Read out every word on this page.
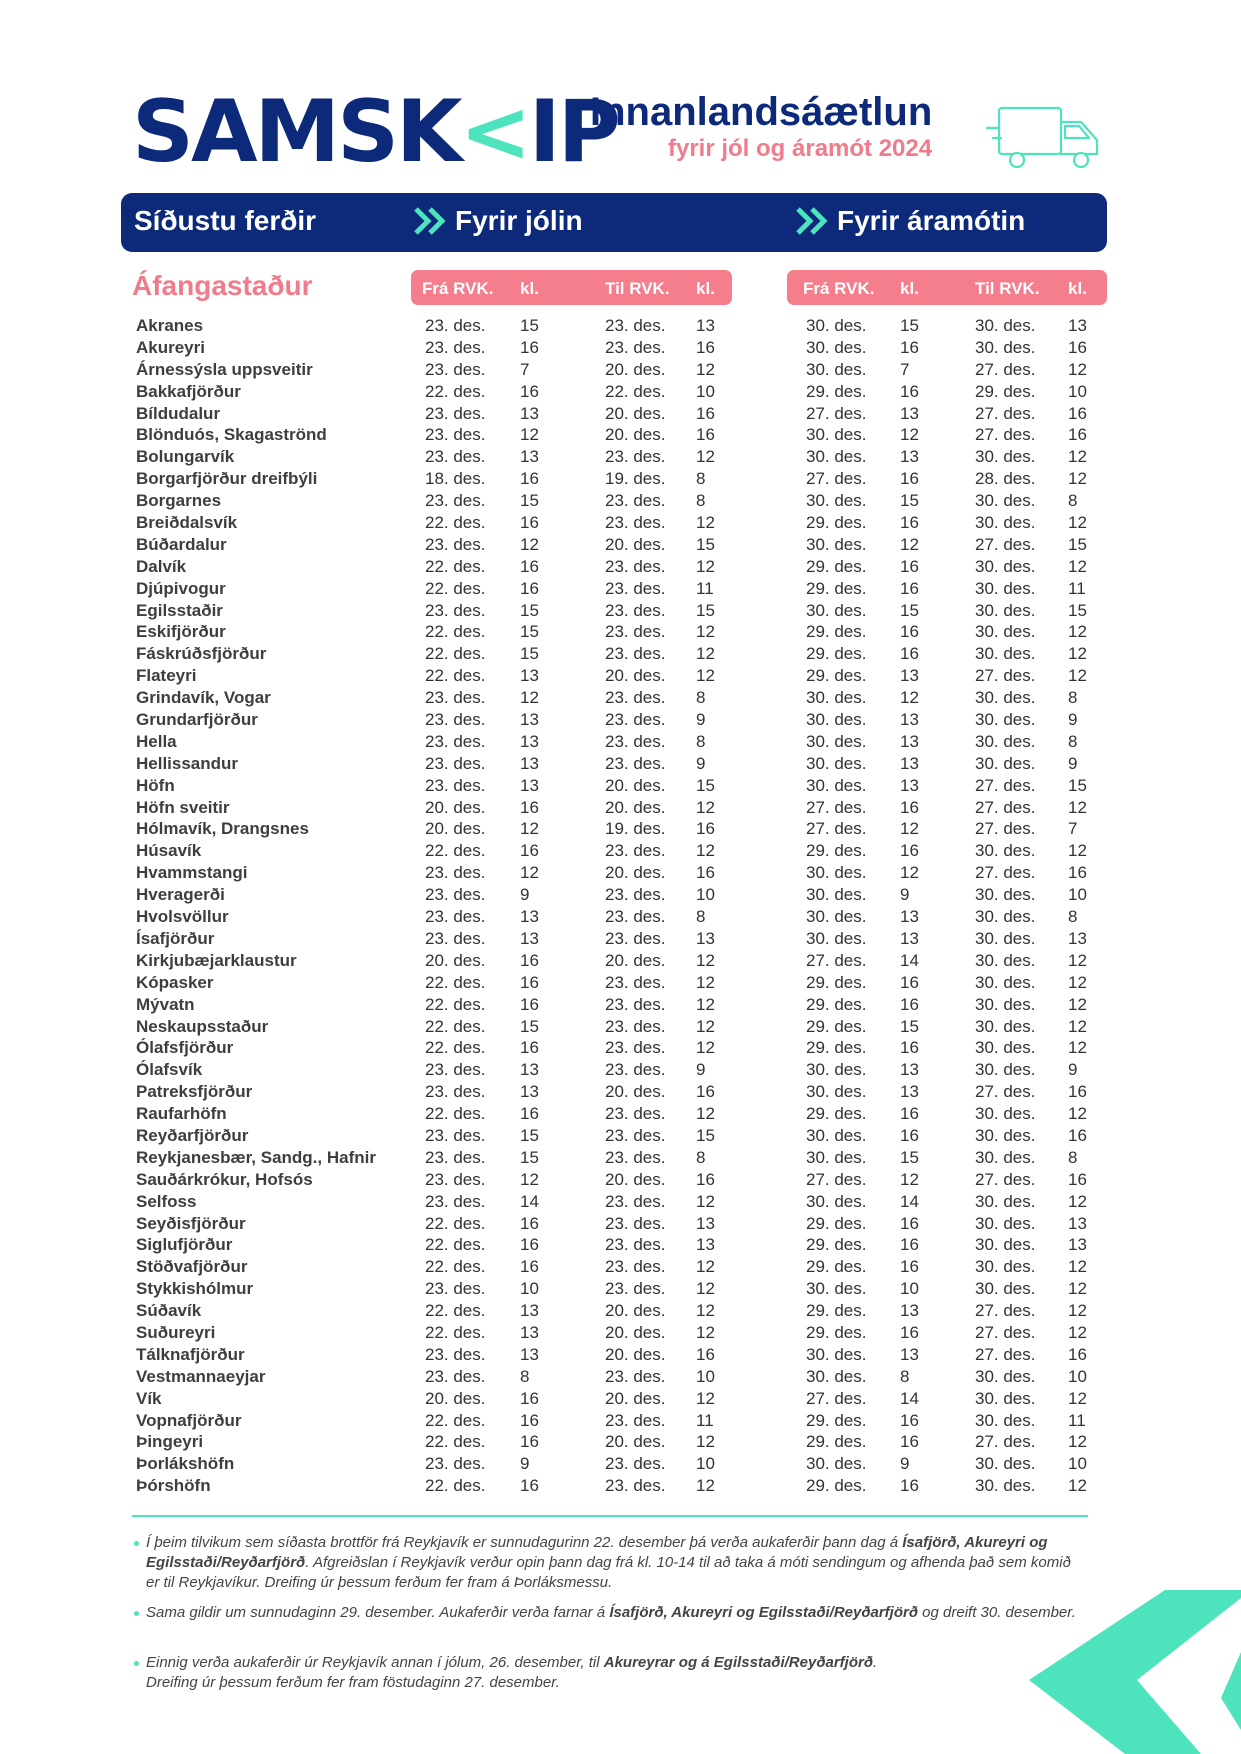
SAMSK<IP
Innanlandsáætlun
fyrir jól og áramót 2024
Síðustu ferðir	Fyrir jólin	Fyrir áramótin
Áfangastaður	Frá RVK. kl.	Til RVK. kl.	Frá RVK. kl.	Til RVK. kl.
Akranes	23. des. 15	23. des. 13	30. des. 15	30. des. 13
Akureyri	23. des. 16	23. des. 16	30. des. 16	30. des. 16
Árnessýsla uppsveitir	23. des. 7	20. des. 12	30. des. 7	27. des. 12
Bakkafjörður	22. des. 16	22. des. 10	29. des. 16	29. des. 10
Bíldudalur	23. des. 13	20. des. 16	27. des. 13	27. des. 16
Blönduós, Skagaströnd	23. des. 12	20. des. 16	30. des. 12	27. des. 16
Bolungarvík	23. des. 13	23. des. 12	30. des. 13	30. des. 12
Borgarfjörður dreifbýli	18. des. 16	19. des. 8	27. des. 16	28. des. 12
Borgarnes	23. des. 15	23. des. 8	30. des. 15	30. des. 8
Breiðdalsvík	22. des. 16	23. des. 12	29. des. 16	30. des. 12
Búðardalur	23. des. 12	20. des. 15	30. des. 12	27. des. 15
Dalvík	22. des. 16	23. des. 12	29. des. 16	30. des. 12
Djúpivogur	22. des. 16	23. des. 11	29. des. 16	30. des. 11
Egilsstaðir	23. des. 15	23. des. 15	30. des. 15	30. des. 15
Eskifjörður	22. des. 15	23. des. 12	29. des. 16	30. des. 12
Fáskrúðsfjörður	22. des. 15	23. des. 12	29. des. 16	30. des. 12
Flateyri	22. des. 13	20. des. 12	29. des. 13	27. des. 12
Grindavík, Vogar	23. des. 12	23. des. 8	30. des. 12	30. des. 8
Grundarfjörður	23. des. 13	23. des. 9	30. des. 13	30. des. 9
Hella	23. des. 13	23. des. 8	30. des. 13	30. des. 8
Hellissandur	23. des. 13	23. des. 9	30. des. 13	30. des. 9
Höfn	23. des. 13	20. des. 15	30. des. 13	27. des. 15
Höfn sveitir	20. des. 16	20. des. 12	27. des. 16	27. des. 12
Hólmavík, Drangsnes	20. des. 12	19. des. 16	27. des. 12	27. des. 7
Húsavík	22. des. 16	23. des. 12	29. des. 16	30. des. 12
Hvammstangi	23. des. 12	20. des. 16	30. des. 12	27. des. 16
Hveragerði	23. des. 9	23. des. 10	30. des. 9	30. des. 10
Hvolsvöllur	23. des. 13	23. des. 8	30. des. 13	30. des. 8
Ísafjörður	23. des. 13	23. des. 13	30. des. 13	30. des. 13
Kirkjubæjarklaustur	20. des. 16	20. des. 12	27. des. 14	30. des. 12
Kópasker	22. des. 16	23. des. 12	29. des. 16	30. des. 12
Mývatn	22. des. 16	23. des. 12	29. des. 16	30. des. 12
Neskaupsstaður	22. des. 15	23. des. 12	29. des. 15	30. des. 12
Ólafsfjörður	22. des. 16	23. des. 12	29. des. 16	30. des. 12
Ólafsvík	23. des. 13	23. des. 9	30. des. 13	30. des. 9
Patreksfjörður	23. des. 13	20. des. 16	30. des. 13	27. des. 16
Raufarhöfn	22. des. 16	23. des. 12	29. des. 16	30. des. 12
Reyðarfjörður	23. des. 15	23. des. 15	30. des. 16	30. des. 16
Reykjanesbær, Sandg., Hafnir	23. des. 15	23. des. 8	30. des. 15	30. des. 8
Sauðárkrókur, Hofsós	23. des. 12	20. des. 16	27. des. 12	27. des. 16
Selfoss	23. des. 14	23. des. 12	30. des. 14	30. des. 12
Seyðisfjörður	22. des. 16	23. des. 13	29. des. 16	30. des. 13
Siglufjörður	22. des. 16	23. des. 13	29. des. 16	30. des. 13
Stöðvafjörður	22. des. 16	23. des. 12	29. des. 16	30. des. 12
Stykkishólmur	23. des. 10	23. des. 12	30. des. 10	30. des. 12
Súðavík	22. des. 13	20. des. 12	29. des. 13	27. des. 12
Suðureyri	22. des. 13	20. des. 12	29. des. 16	27. des. 12
Tálknafjörður	23. des. 13	20. des. 16	30. des. 13	27. des. 16
Vestmannaeyjar	23. des. 8	23. des. 10	30. des. 8	30. des. 10
Vík	20. des. 16	20. des. 12	27. des. 14	30. des. 12
Vopnafjörður	22. des. 16	23. des. 11	29. des. 16	30. des. 11
Þingeyri	22. des. 16	20. des. 12	29. des. 16	27. des. 12
Þorlákshöfn	23. des. 9	23. des. 10	30. des. 9	30. des. 10
Þórshöfn	22. des. 16	23. des. 12	29. des. 16	30. des. 12
Í þeim tilvikum sem síðasta brottför frá Reykjavík er sunnudagurinn 22. desember þá verða aukaferðir þann dag á Ísafjörð, Akureyri og Egilsstaði/Reyðarfjörð. Afgreiðslan í Reykjavík verður opin þann dag frá kl. 10-14 til að taka á móti sendingum og afhenda það sem komið er til Reykjavíkur. Dreifing úr þessum ferðum fer fram á Þorláksmessu.
Sama gildir um sunnudaginn 29. desember. Aukaferðir verða farnar á Ísafjörð, Akureyri og Egilsstaði/Reyðarfjörð og dreift 30. desember.
Einnig verða aukaferðir úr Reykjavík annan í jólum, 26. desember, til Akureyrar og á Egilsstaði/Reyðarfjörð.
Dreifing úr þessum ferðum fer fram föstudaginn 27. desember.
